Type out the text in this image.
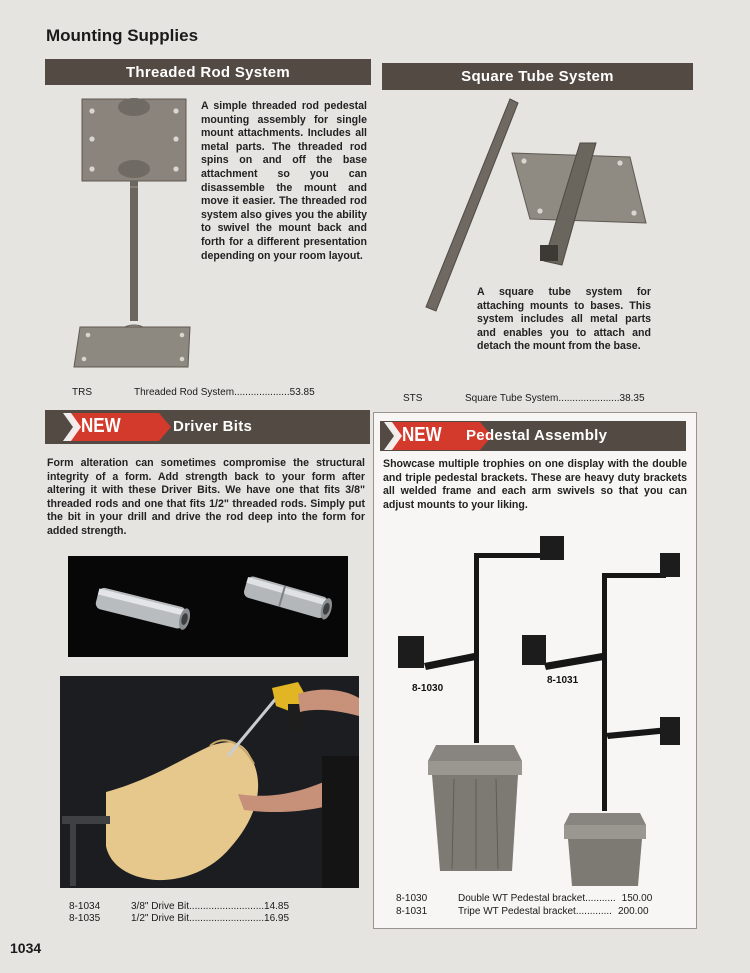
Mounting Supplies
Threaded Rod System
A simple threaded rod pedestal mounting assembly for single mount attachments. Includes all metal parts. The threaded rod spins on and off the base attachment so you can disassemble the mount and move it easier. The threaded rod system also gives you the ability to swivel the mount back and forth for a different presentation depending on your room layout.
TRS	Threaded Rod System....................53.85
Square Tube System
A square tube system for attaching mounts to bases. This system includes all metal parts and enables you to attach and detach the mount from the base.
STS	Square Tube System......................38.35
NEW	Driver Bits
Form alteration can sometimes compromise the structural integrity of a form. Add strength back to your form after altering it with these Driver Bits. We have one that fits 3/8" threaded rods and one that fits 1/2" threaded rods. Simply put the bit in your drill and drive the rod deep into the form for added strength.
8-1034	3/8" Drive Bit...........................14.85
8-1035	1/2" Drive Bit...........................16.95
NEW Pedestal Assembly
Showcase multiple trophies on one display with the double and triple pedestal brackets. These are heavy duty brackets all welded frame and each arm swivels so that you can adjust mounts to your liking.
8-1030
8-1031
8-1030	Double WT Pedestal bracket........... 150.00
8-1031	Tripe WT Pedestal bracket............. 200.00
1034
